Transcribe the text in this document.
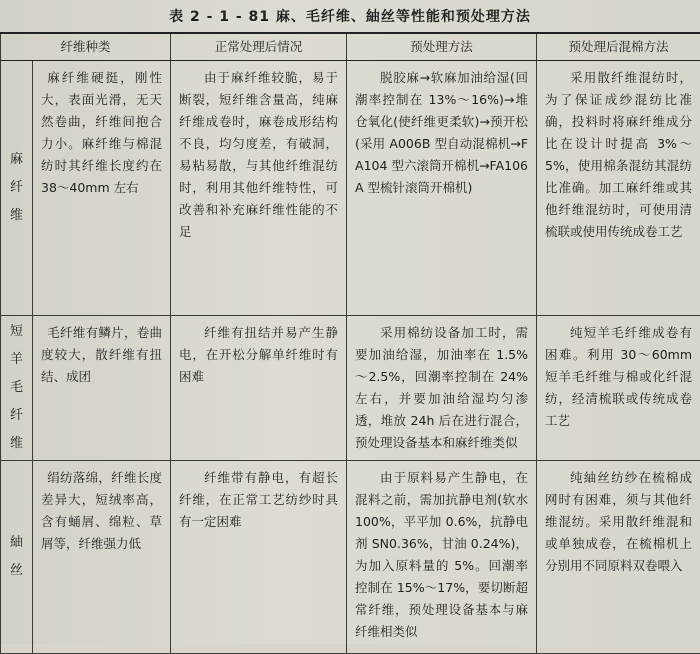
表 2 - 1 - 81 麻、毛纤维、紬丝等性能和预处理方法
纤维种类		正常处理后情况	预处理方法	预处理后混棉方法
麻纤维	麻纤维硬挺，刚性大，表面光滑，无天然卷曲，纤维间抱合力小。麻纤维与棉混纺时其纤维长度约在 38～40mm 左右	由于麻纤维较脆，易于断裂，短纤维含量高，纯麻纤维成卷时，麻卷成形结构不良，均匀度差，有破洞，易粘易散，与其他纤维混纺时，利用其他纤维特性，可改善和补充麻纤维性能的不足	脱胶麻→软麻加油给湿(回潮率控制在 13%～16%)→堆仓氧化(使纤维更柔软)→预开松(采用 A006B 型自动混棉机→FA104 型六滚筒开棉机→FA106A 型梳针滚筒开棉机)	采用散纤维混纺时，为了保证成纱混纺比准确，投料时将麻纤维成分比在设计时提高 3%～5%，使用棉条混纺其混纺比准确。加工麻纤维或其他纤维混纺时，可使用清梳联或使用传统成卷工艺
短羊毛纤维	毛纤维有鳞片，卷曲度较大，散纤维有扭结、成团	纤维有扭结并易产生静电，在开松分解单纤维时有困难	采用棉纺设备加工时，需要加油给湿，加油率在 1.5%～2.5%，回潮率控制在 24% 左右，并要加油给湿均匀渗透，堆放 24h 后在进行混合，预处理设备基本和麻纤维类似	纯短羊毛纤维成卷有困难。利用 30～60mm 短羊毛纤维与棉或化纤混纺，经清梳联或传统成卷工艺
紬丝	绢纺落绵，纤维长度差异大，短绒率高，含有蛹屑、绵粒、草屑等，纤维强力低	纤维带有静电，有超长纤维，在正常工艺纺纱时具有一定困难	由于原料易产生静电，在混料之前，需加抗静电剂(软水 100%，平平加 0.6%，抗静电剂 SN0.36%，甘油 0.24%)，为加入原料量的 5%。回潮率控制在 15%～17%，要切断超常纤维，预处理设备基本与麻纤维相类似	纯紬丝纺纱在梳棉成网时有困难，须与其他纤维混纺。采用散纤维混和或单独成卷，在梳棉机上分别用不同原料双卷喂入
